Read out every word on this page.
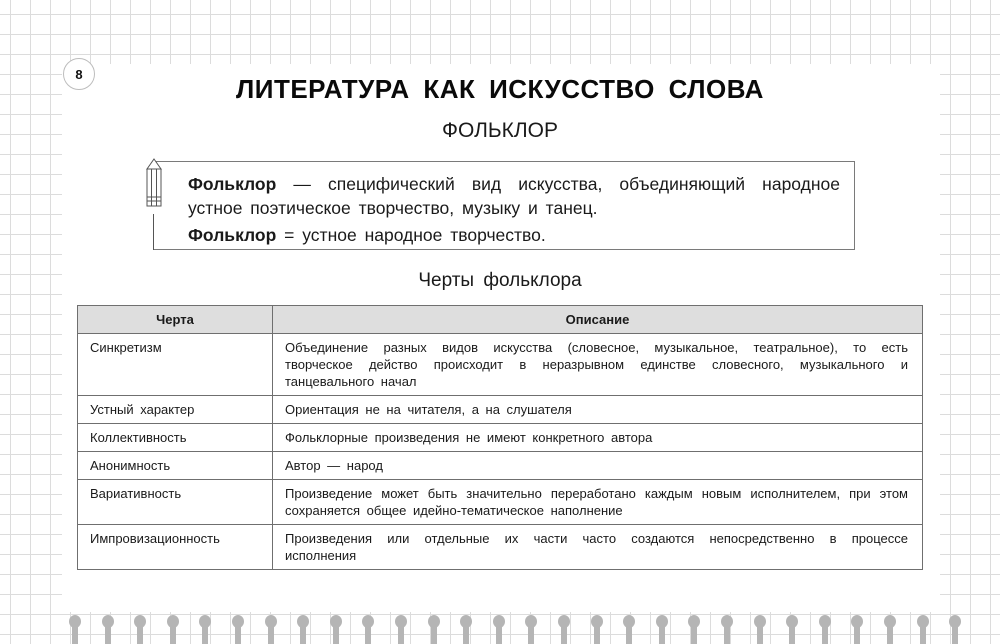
8	ЛИТЕРАТУРА КАК ИСКУССТВО СЛОВА
ФОЛЬКЛОР
Фольклор — специфический вид искусства, объединяющий народное устное поэтическое творчество, музыку и танец.
Фольклор = устное народное творчество.
Черты фольклора
Черта	Описание
Синкретизм	Объединение разных видов искусства (словесное, музыкальное, театральное), то есть творческое действо происходит в неразрывном единстве словесного, музыкального и танцевального начал
Устный характер	Ориентация не на читателя, а на слушателя
Коллективность	Фольклорные произведения не имеют конкретного автора
Анонимность	Автор — народ
Вариативность	Произведение может быть значительно переработано каждым новым исполнителем, при этом сохраняется общее идейно-тематическое наполнение
Импровизационность	Произведения или отдельные их части часто создаются непосредственно в процессе исполнения
